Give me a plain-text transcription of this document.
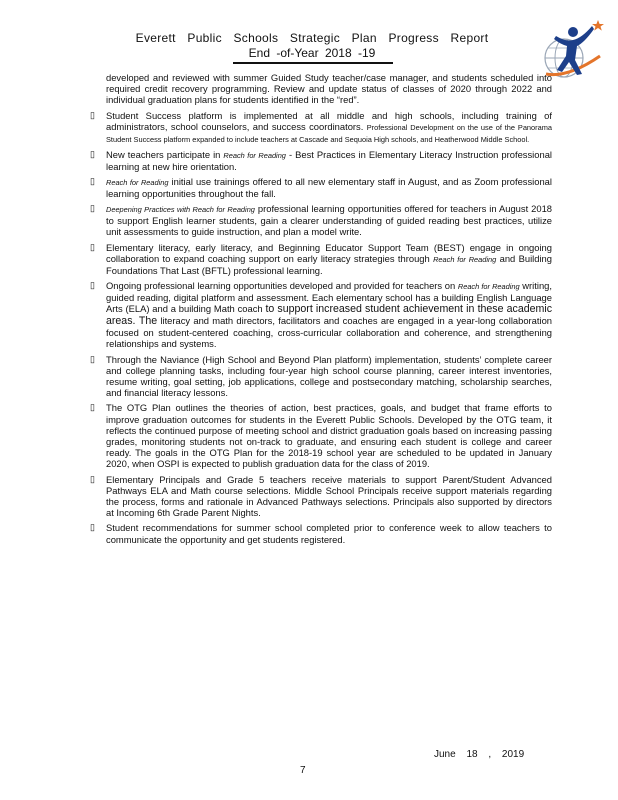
Everett Public Schools Strategic Plan Progress Report
End -of-Year 2018 -19

developed and reviewed with summer Guided Study teacher/case manager, and students scheduled into required credit recovery programming. Review and update status of classes of 2020 through 2022 and individual graduation plans for students identified in the “red”.

▯	Student Success platform is implemented at all middle and high schools, including training of administrators, school counselors, and success coordinators. Professional Development on the use of the Panorama Student Success platform expanded to include teachers at Cascade and Sequoia High schools, and Heatherwood Middle School.
▯	New teachers participate in Reach for Reading - Best Practices in Elementary Literacy Instruction professional learning at new hire orientation.
▯	Reach for Reading initial use trainings offered to all new elementary staff in August, and as Zoom professional learning opportunities throughout the fall.
▯	Deepening Practices with Reach for Reading professional learning opportunities offered for teachers in August 2018 to support English learner students, gain a clearer understanding of guided reading best practices, utilize unit assessments to guide instruction, and plan a model write.
▯	Elementary literacy, early literacy, and Beginning Educator Support Team (BEST) engage in ongoing collaboration to expand coaching support on early literacy strategies through Reach for Reading and Building Foundations That Last (BFTL) professional learning.
▯	Ongoing professional learning opportunities developed and provided for teachers on Reach for Reading writing, guided reading, digital platform and assessment. Each elementary school has a building English Language Arts (ELA) and a building Math coach to support increased student achievement in these academic areas. The literacy and math directors, facilitators and coaches are engaged in a year-long collaboration focused on student-centered coaching, cross-curricular collaboration and coherence, and strengthening relationships and systems.
▯	Through the Naviance (High School and Beyond Plan platform) implementation, students’ complete career and college planning tasks, including four-year high school course planning, career interest inventories, resume writing, goal setting, job applications, college and postsecondary matching, scholarship searches, and financial literacy lessons.
▯	The OTG Plan outlines the theories of action, best practices, goals, and budget that frame efforts to improve graduation outcomes for students in the Everett Public Schools. Developed by the OTG team, it reflects the continued purpose of meeting school and district graduation goals based on increasing passing grades, monitoring students not on-track to graduate, and ensuring each student is college and career ready. The goals in the OTG Plan for the 2018-19 school year are scheduled to be updated in January 2020, when OSPI is expected to publish graduation data for the class of 2019.
▯	Elementary Principals and Grade 5 teachers receive materials to support Parent/Student Advanced Pathways ELA and Math course selections. Middle School Principals receive support materials regarding the process, forms and rationale in Advanced Pathways selections. Principals also supported by directors at Incoming 6th Grade Parent Nights.
▯	Student recommendations for summer school completed prior to conference week to allow teachers to communicate the opportunity and get students registered.
June 18 , 2019
7
